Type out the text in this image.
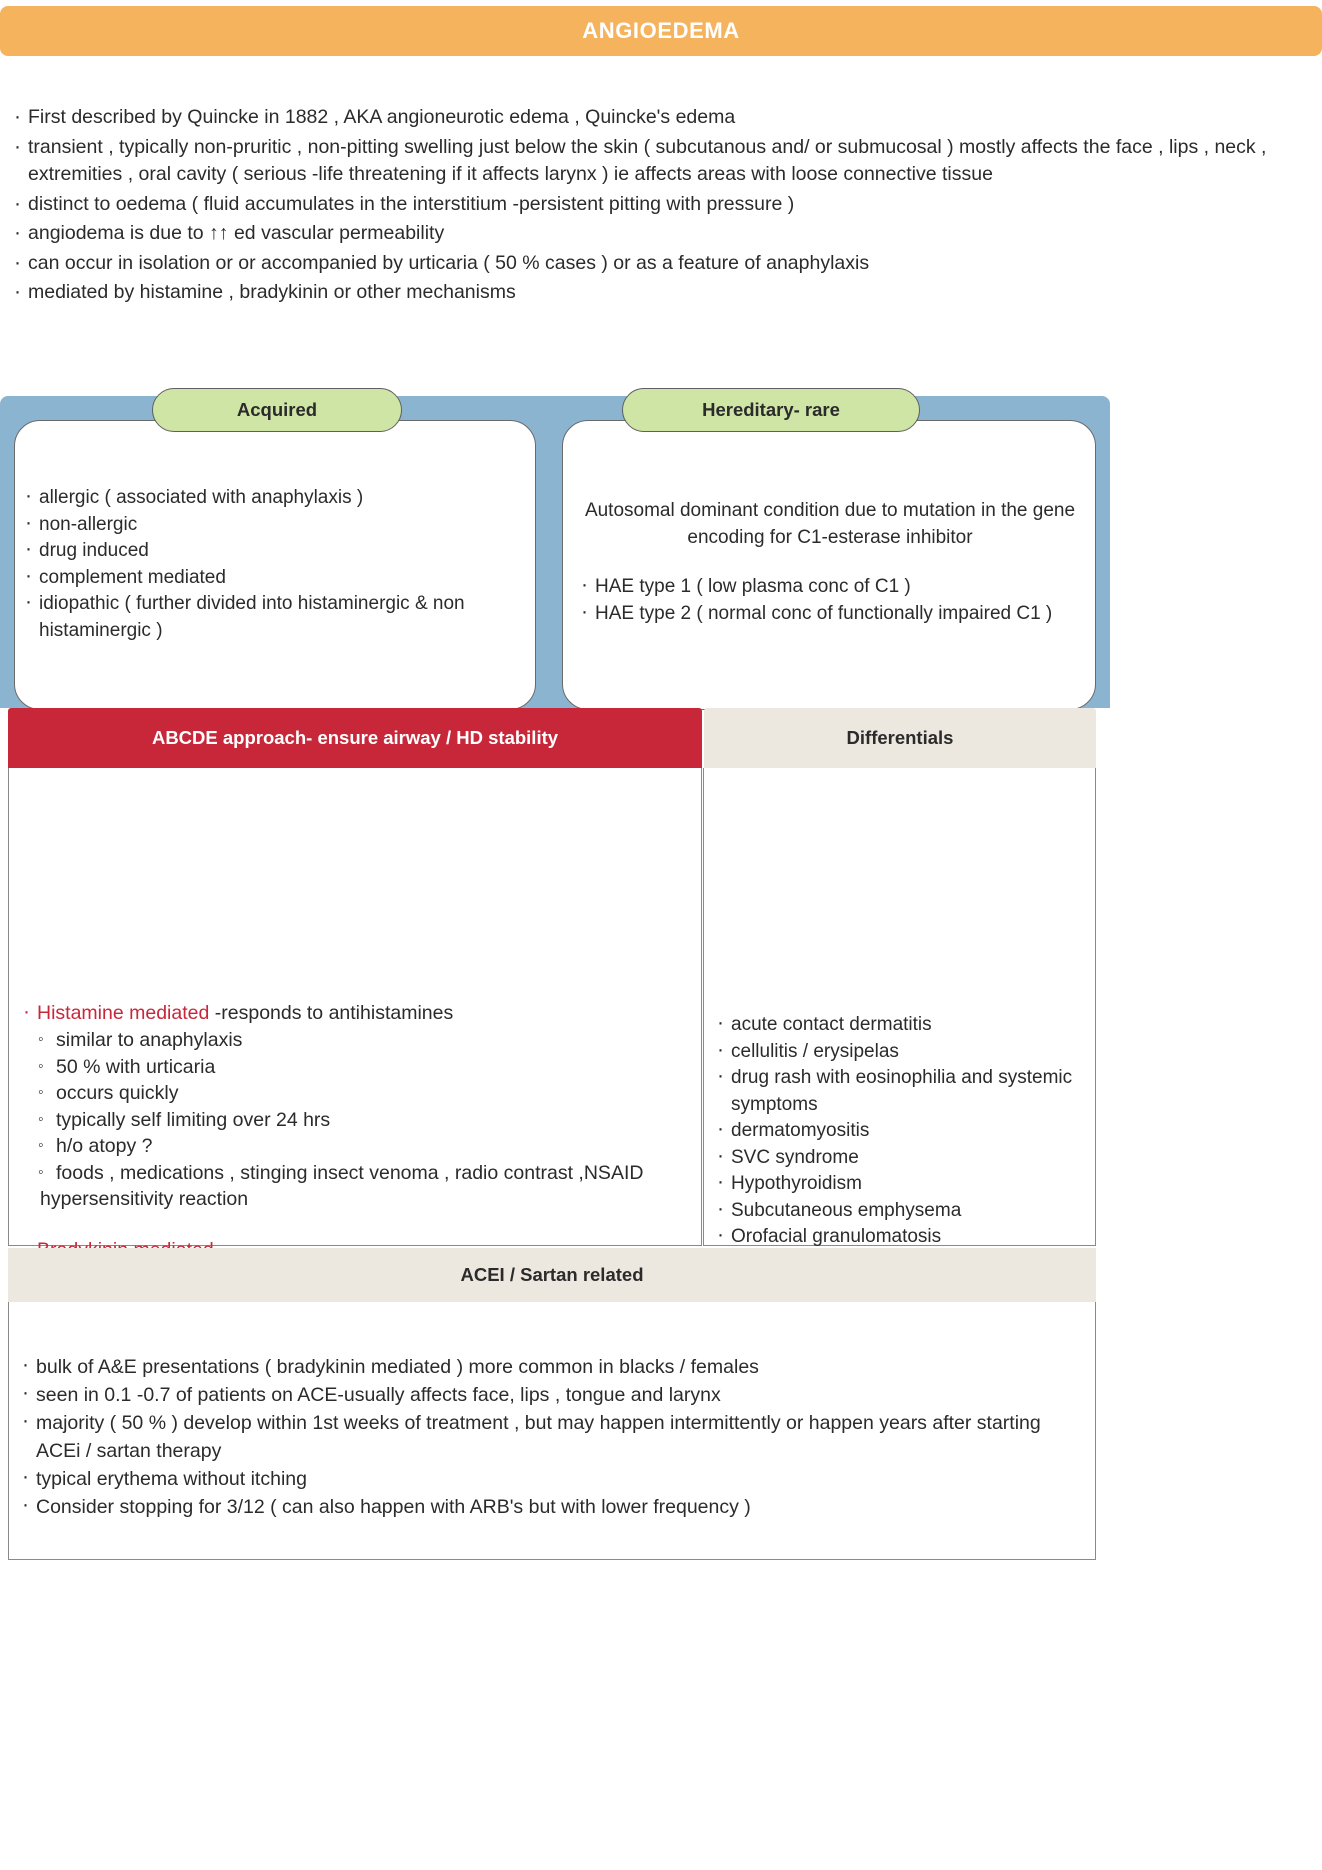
ANGIOEDEMA
· First described by Quincke in 1882 , AKA angioneurotic edema , Quincke's edema
· transient , typically non-pruritic , non-pitting swelling just below the skin ( subcutanous and/ or submucosal ) mostly affects the face , lips , neck , extremities , oral cavity ( serious -life threatening if it affects larynx ) ie affects areas with loose connective tissue
· distinct to oedema ( fluid accumulates in the interstitium -persistent pitting with pressure )
· angiodema is due to ↑↑ ed vascular permeability
· can occur in isolation or or accompanied by urticaria ( 50 % cases ) or as a feature of anaphylaxis
· mediated by histamine , bradykinin or other mechanisms
Acquired	Hereditary- rare
· allergic ( associated with anaphylaxis )
· non-allergic
· drug induced
· complement mediated
· idiopathic ( further divided into histaminergic & non histaminergic )
Autosomal dominant condition due to mutation in the gene encoding for C1-esterase inhibitor
· HAE type 1 ( low plasma conc of C1 )
· HAE type 2 ( normal conc of functionally impaired C1 )
ABCDE approach- ensure airway / HD stability	Differentials
· Histamine mediated -responds to antihistamines
◦ similar to anaphylaxis
◦ 50 % with urticaria
◦ occurs quickly
◦ typically self limiting over 24 hrs
◦ h/o atopy ?
◦ foods , medications , stinging insect venoma , radio contrast ,NSAID
hypersensitivity reaction
·
·
·
· acute contact dermatitis
· cellulitis / erysipelas
· drug rash with eosinophilia and systemic symptoms
· dermatomyositis
· SVC syndrome
· Hypothyroidism
· Subcutaneous emphysema
· Orofacial granulomatosis
·
·
ACEI / Sartan related
· bulk of A&E presentations ( bradykinin mediated ) more common in blacks / females
· seen in 0.1 -0.7 of patients on ACE-usually affects face, lips , tongue and larynx
· majority ( 50 % ) develop within 1st weeks of treatment , but may happen intermittently or happen years after starting ACEi / sartan therapy
· typical erythema without itching
· Consider stopping for 3/12 ( can also happen with ARB's but with lower frequency )
